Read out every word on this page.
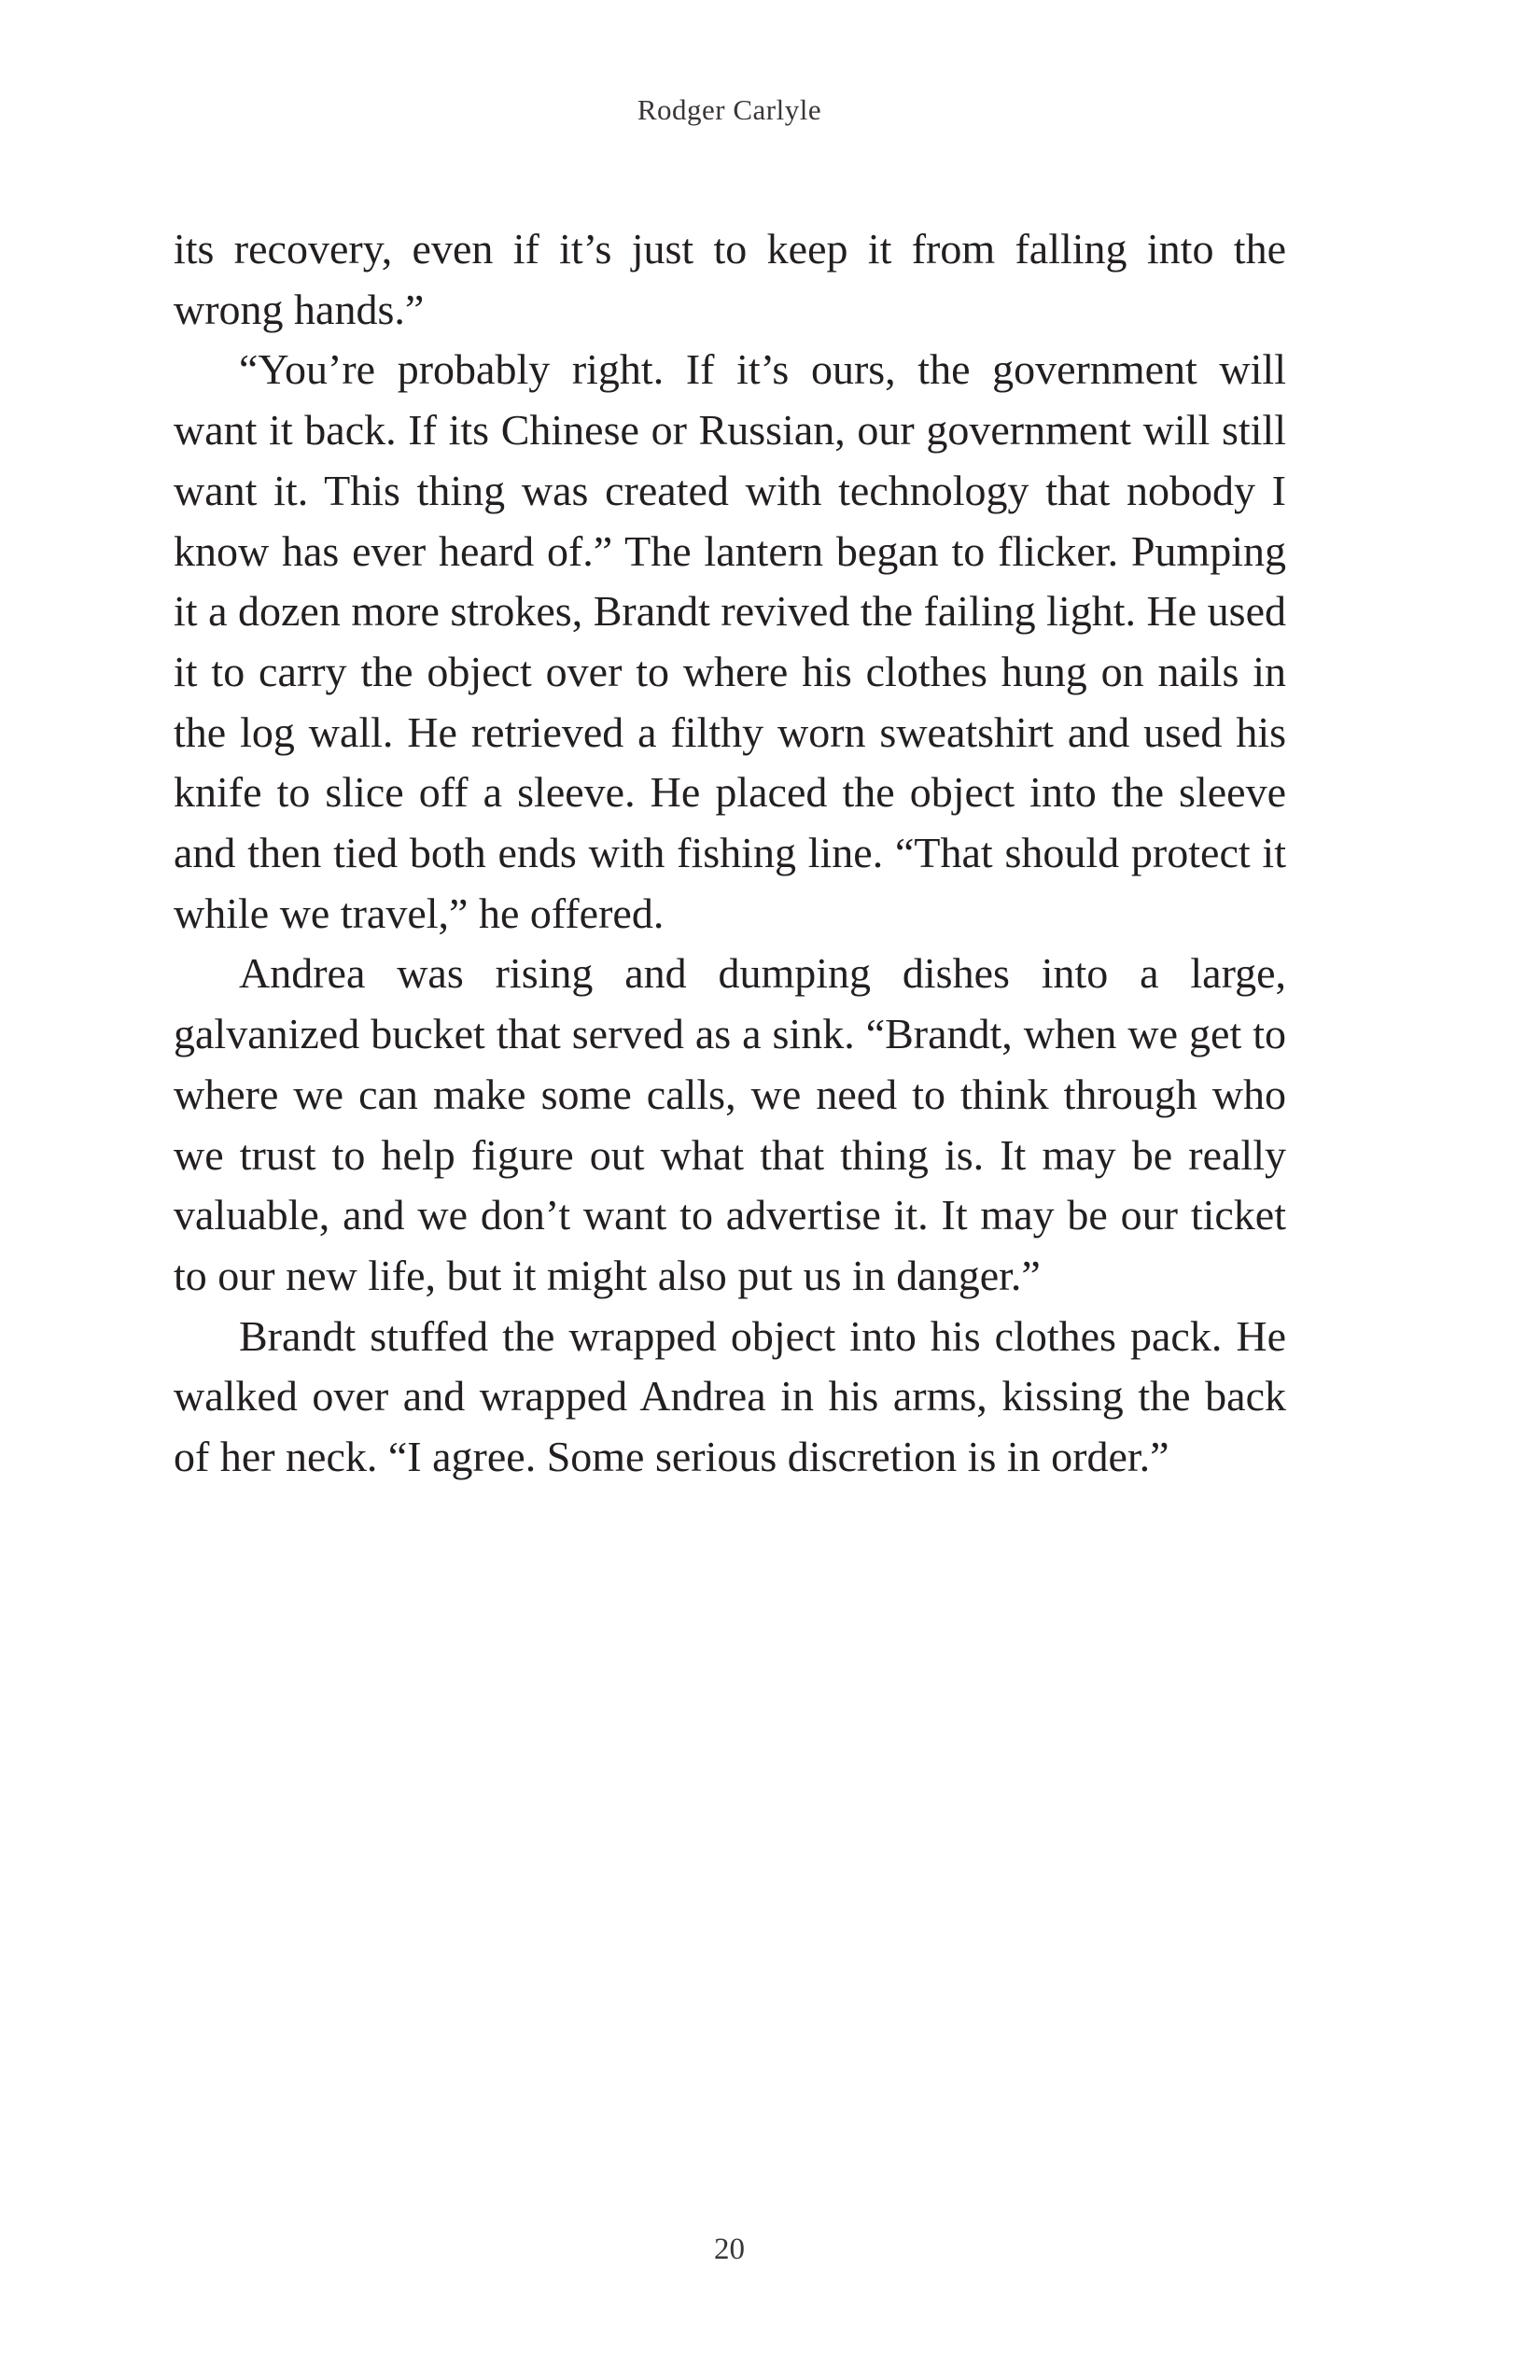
Rodger Carlyle

its recovery, even if it’s just to keep it from falling into the wrong hands.”

“You’re probably right. If it’s ours, the government will want it back. If its Chinese or Russian, our government will still want it. This thing was created with technology that nobody I know has ever heard of.” The lantern began to flicker. Pumping it a dozen more strokes, Brandt revived the failing light. He used it to carry the object over to where his clothes hung on nails in the log wall. He retrieved a filthy worn sweatshirt and used his knife to slice off a sleeve. He placed the object into the sleeve and then tied both ends with fishing line. “That should protect it while we travel,” he offered.

Andrea was rising and dumping dishes into a large, galvanized bucket that served as a sink. “Brandt, when we get to where we can make some calls, we need to think through who we trust to help figure out what that thing is. It may be really valuable, and we don’t want to advertise it. It may be our ticket to our new life, but it might also put us in danger.”

Brandt stuffed the wrapped object into his clothes pack. He walked over and wrapped Andrea in his arms, kissing the back of her neck. “I agree. Some serious discretion is in order.”

20
